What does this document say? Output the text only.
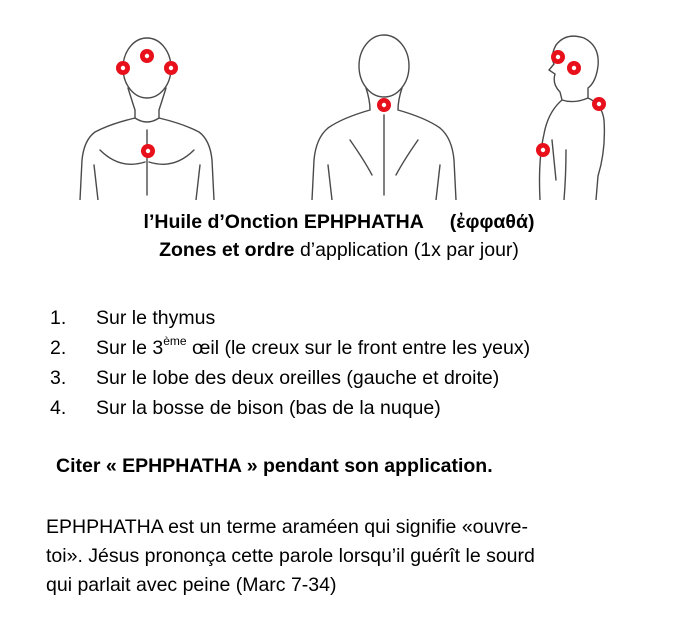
l’Huile d’Onction EPHPHATHA (ἐφφαθά)
Zones et ordre d’application (1x par jour)
1.	Sur le thymus
2.	Sur le 3ème œil (le creux sur le front entre les yeux)
3.	Sur le lobe des deux oreilles (gauche et droite)
4.	Sur la bosse de bison (bas de la nuque)
Citer « EPHPHATHA » pendant son application.
EPHPHATHA est un terme araméen qui signifie «ouvre-
toi». Jésus prononça cette parole lorsqu’il guérît le sourd
qui parlait avec peine (Marc 7-34)
